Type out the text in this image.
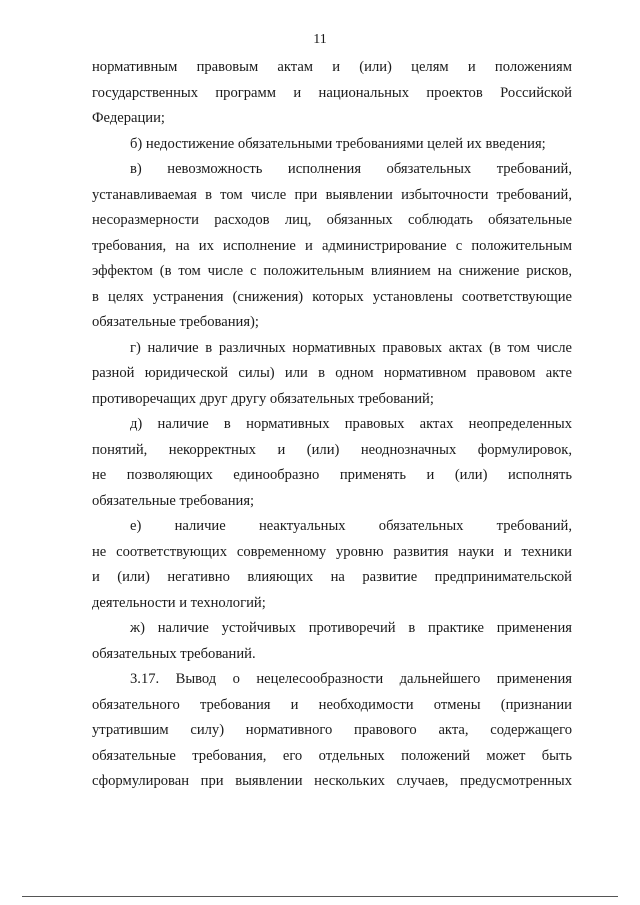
11
нормативным правовым актам и (или) целям и положениям
государственных программ и национальных проектов Российской
Федерации;
б) недостижение обязательными требованиями целей их введения;
в) невозможность исполнения обязательных требований,
устанавливаемая в том числе при выявлении избыточности требований,
несоразмерности расходов лиц, обязанных соблюдать обязательные
требования, на их исполнение и администрирование с положительным
эффектом (в том числе с положительным влиянием на снижение рисков,
в целях устранения (снижения) которых установлены соответствующие
обязательные требования);
г) наличие в различных нормативных правовых актах (в том числе
разной юридической силы) или в одном нормативном правовом акте
противоречащих друг другу обязательных требований;
д) наличие в нормативных правовых актах неопределенных
понятий, некорректных и (или) неоднозначных формулировок,
не позволяющих единообразно применять и (или) исполнять
обязательные требования;
е) наличие неактуальных обязательных требований,
не соответствующих современному уровню развития науки и техники
и (или) негативно влияющих на развитие предпринимательской
деятельности и технологий;
ж) наличие устойчивых противоречий в практике применения
обязательных требований.
3.17. Вывод о нецелесообразности дальнейшего применения
обязательного требования и необходимости отмены (признании
утратившим силу) нормативного правового акта, содержащего
обязательные требования, его отдельных положений может быть
сформулирован при выявлении нескольких случаев, предусмотренных
